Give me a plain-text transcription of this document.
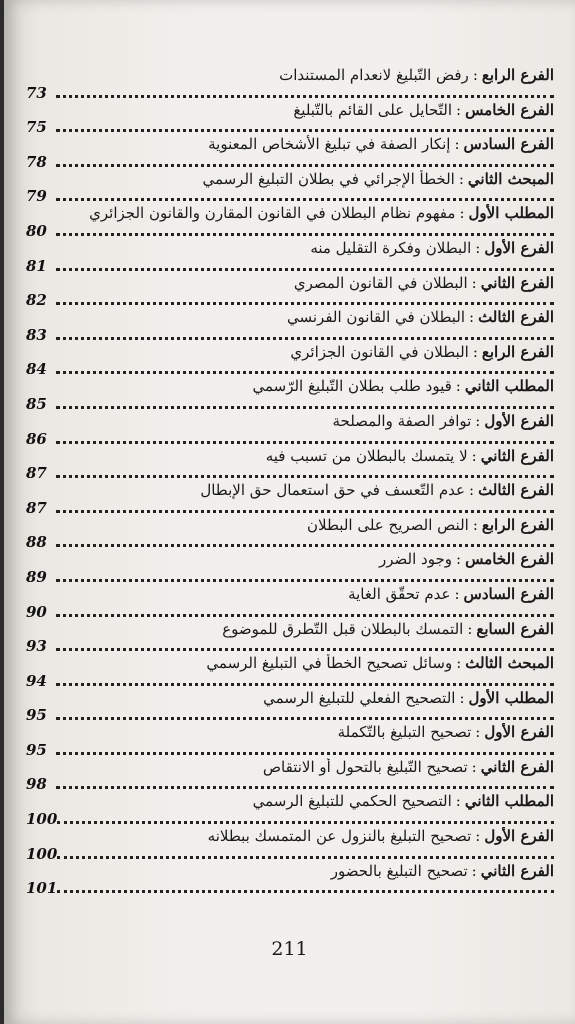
الفرع الرابع:رفض التّبليغ لانعدام المستندات
73
الفرع الخامس:التّحايل على القائم بالتّبليغ
75
الفرع السادس:إنكار الصفة في تبليغ الأشخاص المعنوية
78
المبحث الثاني:الخطأ الإجرائي في بطلان التبليغ الرسمي
79
المطلب الأول:مفهوم نظام البطلان في القانون المقارن والقانون الجزائري
80
الفرع الأول:البطلان وفكرة التقليل منه
81
الفرع الثاني:البطلان في القانون المصري
82
الفرع الثالث:البطلان في القانون الفرنسي
83
الفرع الرابع:البطلان في القانون الجزائري
84
المطلب الثاني:قيود طلب بطلان التّبليغ الرّسمي
85
الفرع الأول:توافر الصفة والمصلحة
86
الفرع الثاني:لا يتمسك بالبطلان من تسبب فيه
87
الفرع الثالث:عدم التّعسف في حق استعمال حق الإبطال
87
الفرع الرابع:النص الصريح على البطلان
88
الفرع الخامس:وجود الضرر
89
الفرع السادس:عدم تحقّق الغاية
90
الفرع السابع:التمسك بالبطلان قبل التّطرق للموضوع
93
المبحث الثالث:وسائل تصحيح الخطأ في التبليغ الرسمي
94
المطلب الأول:التصحيح الفعلي للتبليغ الرسمي
95
الفرع الأول:تصحيح التبليغ بالتّكملة
95
الفرع الثاني:تصحيح التّبليغ بالتحول أو الانتقاص
98
المطلب الثاني:التصحيح الحكمي للتبليغ الرسمي
100
الفرع الأول:تصحيح التبليغ بالنزول عن المتمسك ببطلانه
100
الفرع الثاني:تصحيح التبليغ بالحضور
101
211
